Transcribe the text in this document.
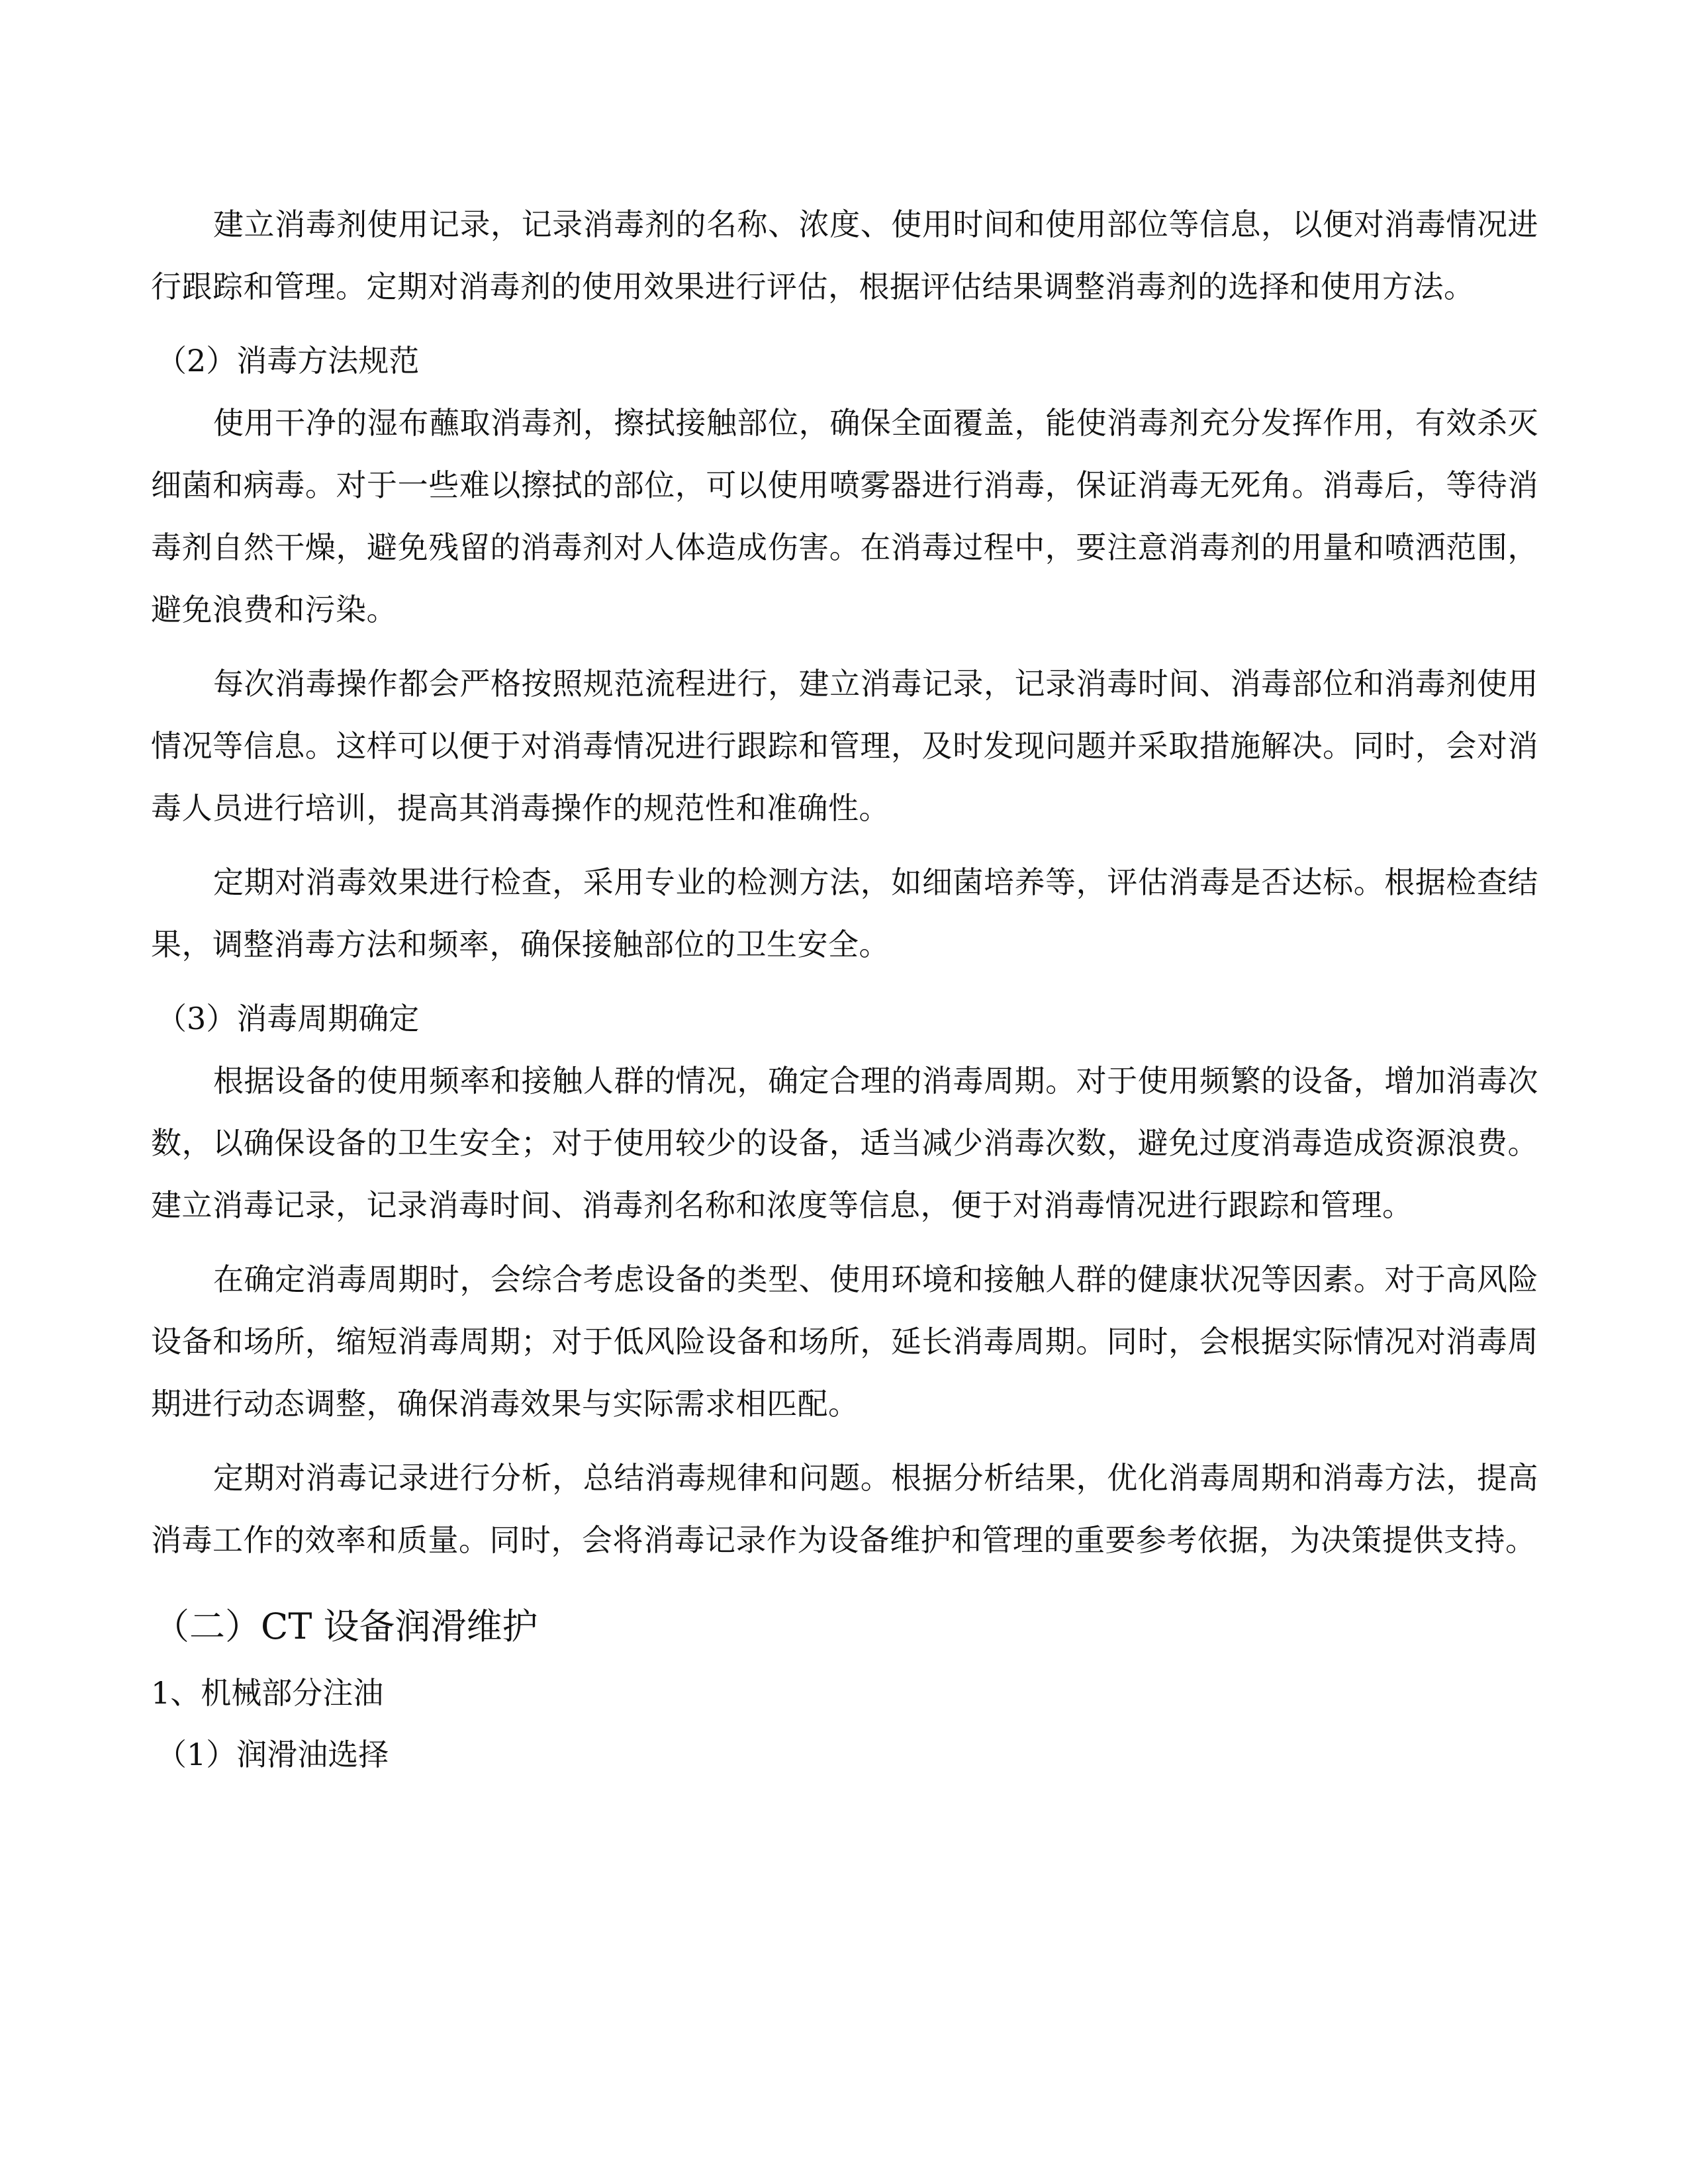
建立消毒剂使用记录，记录消毒剂的名称、浓度、使用时间和使用部位等信息，以便对消毒情况进行跟踪和管理。定期对消毒剂的使用效果进行评估，根据评估结果调整消毒剂的选择和使用方法。

（2）消毒方法规范

使用干净的湿布蘸取消毒剂，擦拭接触部位，确保全面覆盖，能使消毒剂充分发挥作用，有效杀灭细菌和病毒。对于一些难以擦拭的部位，可以使用喷雾器进行消毒，保证消毒无死角。消毒后，等待消毒剂自然干燥，避免残留的消毒剂对人体造成伤害。在消毒过程中，要注意消毒剂的用量和喷洒范围，避免浪费和污染。

每次消毒操作都会严格按照规范流程进行，建立消毒记录，记录消毒时间、消毒部位和消毒剂使用情况等信息。这样可以便于对消毒情况进行跟踪和管理，及时发现问题并采取措施解决。同时，会对消毒人员进行培训，提高其消毒操作的规范性和准确性。

定期对消毒效果进行检查，采用专业的检测方法，如细菌培养等，评估消毒是否达标。根据检查结果，调整消毒方法和频率，确保接触部位的卫生安全。

（3）消毒周期确定

根据设备的使用频率和接触人群的情况，确定合理的消毒周期。对于使用频繁的设备，增加消毒次数，以确保设备的卫生安全；对于使用较少的设备，适当减少消毒次数，避免过度消毒造成资源浪费。建立消毒记录，记录消毒时间、消毒剂名称和浓度等信息，便于对消毒情况进行跟踪和管理。

在确定消毒周期时，会综合考虑设备的类型、使用环境和接触人群的健康状况等因素。对于高风险设备和场所，缩短消毒周期；对于低风险设备和场所，延长消毒周期。同时，会根据实际情况对消毒周期进行动态调整，确保消毒效果与实际需求相匹配。

定期对消毒记录进行分析，总结消毒规律和问题。根据分析结果，优化消毒周期和消毒方法，提高消毒工作的效率和质量。同时，会将消毒记录作为设备维护和管理的重要参考依据，为决策提供支持。

（二）CT 设备润滑维护

1、机械部分注油

（1）润滑油选择
